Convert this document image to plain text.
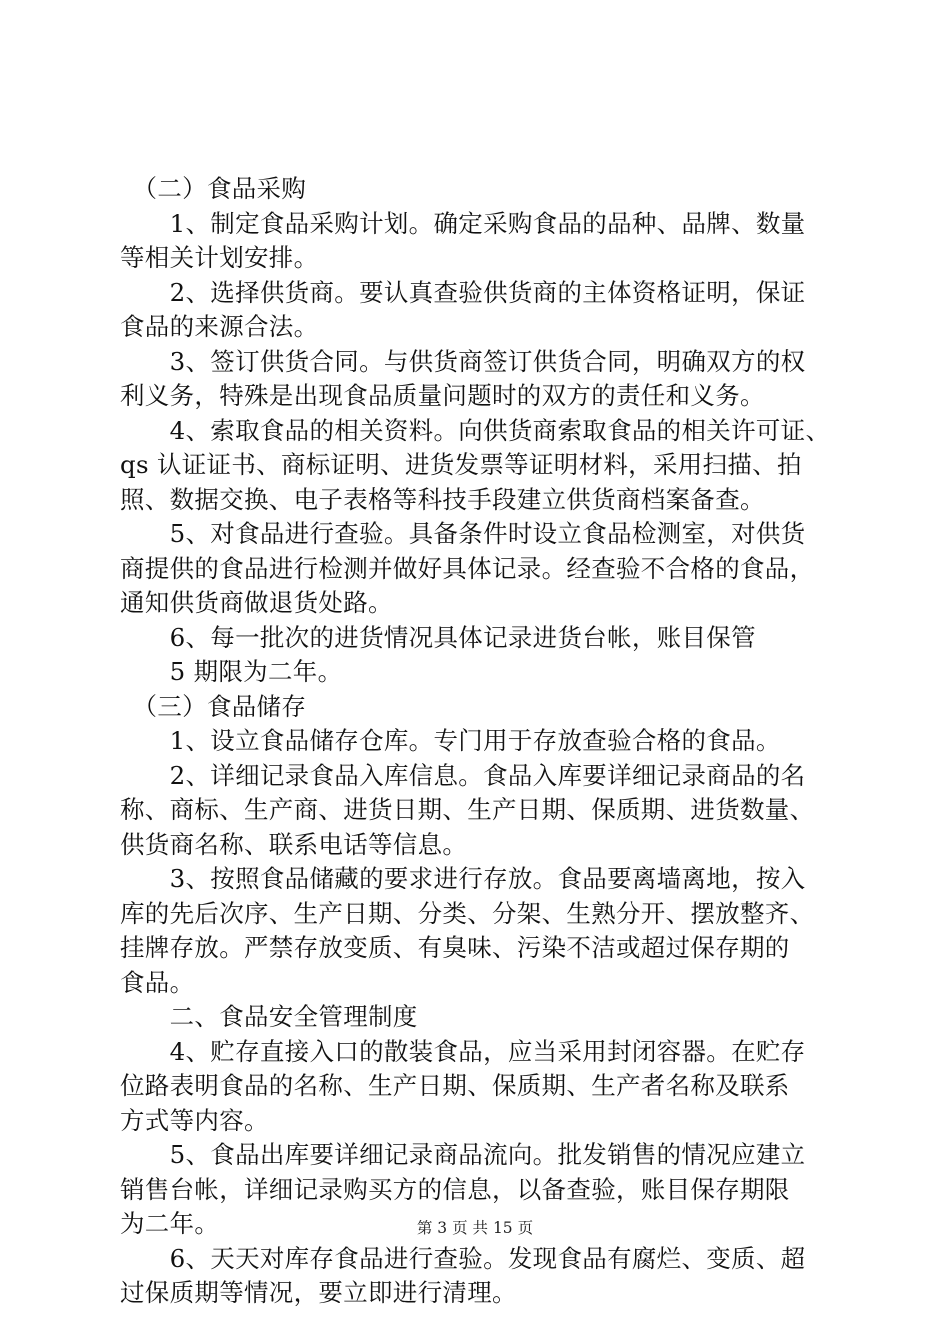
　（二）食品采购
　　1、制定食品采购计划。确定采购食品的品种、品牌、数量
等相关计划安排。
　　2、选择供货商。要认真查验供货商的主体资格证明，保证
食品的来源合法。
　　3、签订供货合同。与供货商签订供货合同，明确双方的权
利义务，特殊是出现食品质量问题时的双方的责任和义务。
　　4、索取食品的相关资料。向供货商索取食品的相关许可证、
qs 认证证书、商标证明、进货发票等证明材料，采用扫描、拍
照、数据交换、电子表格等科技手段建立供货商档案备查。
　　5、对食品进行查验。具备条件时设立食品检测室，对供货
商提供的食品进行检测并做好具体记录。经查验不合格的食品，
通知供货商做退货处路。
　　6、每一批次的进货情况具体记录进货台帐，账目保管
　　5 期限为二年。
　（三）食品储存
　　1、设立食品储存仓库。专门用于存放查验合格的食品。
　　2、详细记录食品入库信息。食品入库要详细记录商品的名
称、商标、生产商、进货日期、生产日期、保质期、进货数量、
供货商名称、联系电话等信息。
　　3、按照食品储藏的要求进行存放。食品要离墙离地，按入
库的先后次序、生产日期、分类、分架、生熟分开、摆放整齐、
挂牌存放。严禁存放变质、有臭味、污染不洁或超过保存期的
食品。
　　二、食品安全管理制度
　　4、贮存直接入口的散装食品，应当采用封闭容器。在贮存
位路表明食品的名称、生产日期、保质期、生产者名称及联系
方式等内容。
　　5、食品出库要详细记录商品流向。批发销售的情况应建立
销售台帐，详细记录购买方的信息，以备查验，账目保存期限
为二年。
　　6、天天对库存食品进行查验。发现食品有腐烂、变质、超
过保质期等情况，要立即进行清理。
第 3 页 共 15 页
